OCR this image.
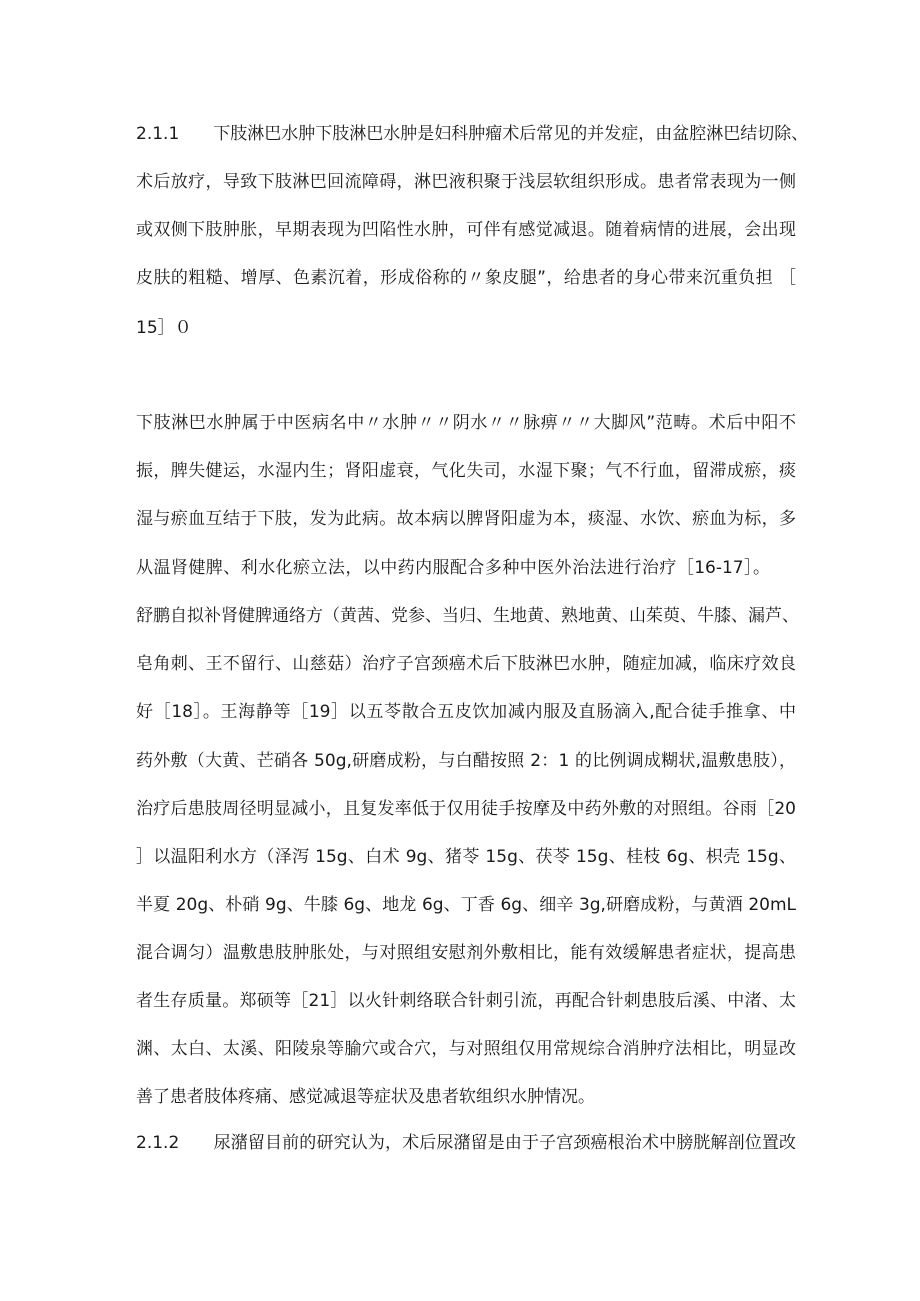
2.1.1　　下肢淋巴水肿下肢淋巴水肿是妇科肿瘤术后常见的并发症，由盆腔淋巴结切除、
术后放疗，导致下肢淋巴回流障碍，淋巴液积聚于浅层软组织形成。患者常表现为一侧
或双侧下肢肿胀，早期表现为凹陷性水肿，可伴有感觉减退。随着病情的进展，会出现
皮肤的粗糙、增厚、色素沉着，形成俗称的〃象皮腿”，给患者的身心带来沉重负担 ［
15］０
下肢淋巴水肿属于中医病名中〃水肿〃〃阴水〃〃脉痹〃〃大脚风”范畴。术后中阳不
振，脾失健运，水湿内生；肾阳虚衰，气化失司，水湿下聚；气不行血，留滞成瘀，痰
湿与瘀血互结于下肢，发为此病。故本病以脾肾阳虚为本，痰湿、水饮、瘀血为标，多
从温肾健脾、利水化瘀立法，以中药内服配合多种中医外治法进行治疗［16-17］。
舒鹏自拟补肾健脾通络方（黄茜、党参、当归、生地黄、熟地黄、山茱萸、牛膝、漏芦、
皂角刺、王不留行、山慈菇）治疗子宫颈癌术后下肢淋巴水肿，随症加减，临床疗效良
好［18］。王海静等［19］以五苓散合五皮饮加减内服及直肠滴入,配合徒手推拿、中
药外敷（大黄、芒硝各 50g,研磨成粉，与白醋按照 2：1 的比例调成糊状,温敷患肢），
治疗后患肢周径明显减小，且复发率低于仅用徒手按摩及中药外敷的对照组。谷雨［20
］以温阳利水方（泽泻 15g、白术 9g、猪苓 15g、茯苓 15g、桂枝 6g、枳壳 15g、
半夏 20g、朴硝 9g、牛膝 6g、地龙 6g、丁香 6g、细辛 3g,研磨成粉，与黄酒 20mL
混合调匀）温敷患肢肿胀处，与对照组安慰剂外敷相比，能有效缓解患者症状，提高患
者生存质量。郑硕等［21］以火针刺络联合针刺引流，再配合针刺患肢后溪、中渚、太
渊、太白、太溪、阳陵泉等腧穴或合穴，与对照组仅用常规综合消肿疗法相比，明显改
善了患者肢体疼痛、感觉减退等症状及患者软组织水肿情况。
2.1.2　　尿潴留目前的研究认为，术后尿潴留是由于子宫颈癌根治术中膀胱解剖位置改
